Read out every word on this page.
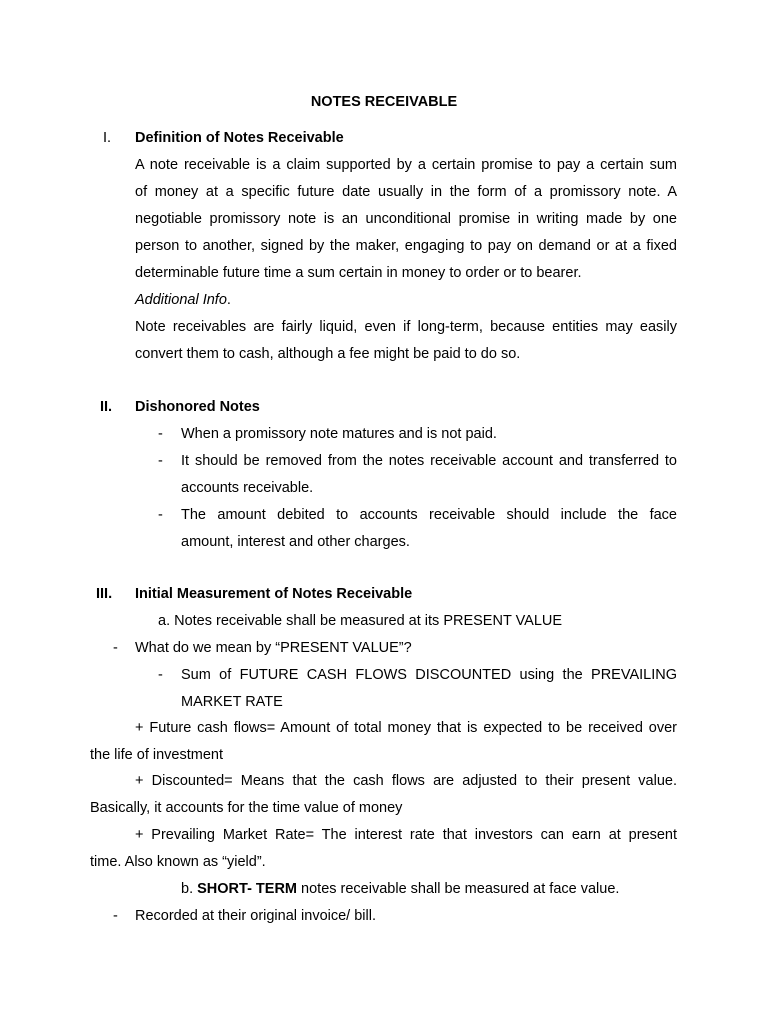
NOTES RECEIVABLE
I. Definition of Notes Receivable
A note receivable is a claim supported by a certain promise to pay a certain sum
of money at a specific future date usually in the form of a promissory note. A
negotiable promissory note is an unconditional promise in writing made by one
person to another, signed by the maker, engaging to pay on demand or at a fixed
determinable future time a sum certain in money to order or to bearer.
Additional Info.
Note receivables are fairly liquid, even if long-term, because entities may easily
convert them to cash, although a fee might be paid to do so.
II. Dishonored Notes
- When a promissory note matures and is not paid.
- It should be removed from the notes receivable account and transferred to
accounts receivable.
- The amount debited to accounts receivable should include the face
amount, interest and other charges.
III. Initial Measurement of Notes Receivable
a. Notes receivable shall be measured at its PRESENT VALUE
- What do we mean by “PRESENT VALUE”?
- Sum of FUTURE CASH FLOWS DISCOUNTED using the PREVAILING
MARKET RATE
+ Future cash flows= Amount of total money that is expected to be received over
the life of investment
+ Discounted= Means that the cash flows are adjusted to their present value.
Basically, it accounts for the time value of money
+ Prevailing Market Rate= The interest rate that investors can earn at present
time. Also known as “yield”.
b. SHORT- TERM notes receivable shall be measured at face value.
- Recorded at their original invoice/ bill.
